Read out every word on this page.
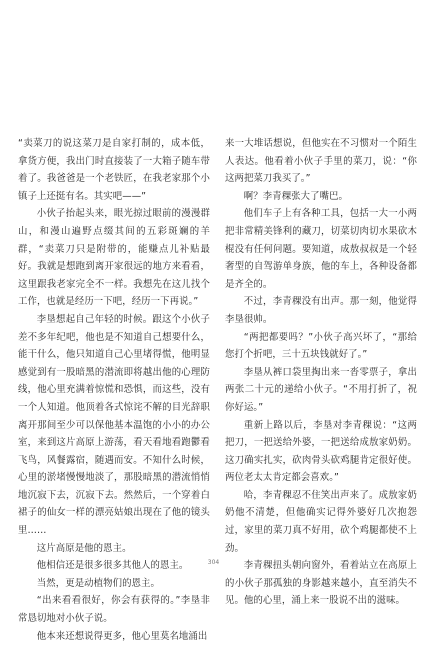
“卖菜刀的说这菜刀是自家打制的，成本低，拿货方便，我出门时直接装了一大箱子随车带着了。我爸爸是一个老铁匠，在我老家那个小镇子上还挺有名。其实吧——”

小伙子抬起头来，眼光掠过眼前的漫漫群山，和漫山遍野点缀其间的五彩斑斓的羊群，“卖菜刀只是附带的，能赚点儿补贴最好。我就是想跑到离开家很远的地方来看看，这里跟我老家完全不一样。我想先在这儿找个工作，也就是经历一下吧，经历一下再说。”

李垦想起自己年轻的时候。跟这个小伙子差不多年纪吧，他也是不知道自己想要什么，能干什么，他只知道自己心里堵得慌，他明显感觉到有一股暗黑的潜流即将越出他的心理防线，他心里充满着惊慌和恐惧，而这些，没有一个人知道。他顶着各式惊诧不解的目光辞职离开那间至少可以保他基本温饱的小小的办公室，来到这片高原上游荡，看天看地看跑鬱看飞鸟，风餐露宿，随遇而安。不知什么时候，心里的淤堵慢慢地淡了，那股暗黑的潜流悄悄地沉寂下去，沉寂下去。然然后，一个穿着白裙子的仙女一样的漂亮姑娘出现在了他的镜头里……

这片高原是他的恩主。

他相信还是很多很多其他人的恩主。

当然，更是动植物们的恩主。

“出来看看很好，你会有获得的。”李垦非常恳切地对小伙子说。

他本来还想说得更多，他心里莫名地涌出

来一大堆话想说，但他实在不习惯对一个陌生人表达。他看着小伙子手里的菜刀，说：“你这两把菜刀我买了。”

啊？李青稞张大了嘴巴。

他们车子上有各种工具，包括一大一小两把非常精美锋利的藏刀，切菜切肉切水果砍木棍没有任何问题。要知道，成敖叔叔是一个轻奢型的自驾游单身族，他的车上，各种设备都是齐全的。

不过，李青稞没有出声。那一刻，他觉得李垦很帅。

“两把都要吗？”小伙子高兴坏了，“那给您打个折吧，三十五块钱就好了。”

李垦从裤口袋里掏出来一沓零票子，拿出两张二十元的递给小伙子。“不用打折了，祝你好运。”

重新上路以后，李垦对李青稞说：“这两把刀，一把送给外婆，一把送给成敖家奶奶。这刀确实扎实，砍肉骨头砍鸡腿肯定很好使。两位老太太肯定都会喜欢。”

哈，李青稞忍不住笑出声来了。成敖家奶奶他不清楚，但他确实记得外婆好几次抱怨过，家里的菜刀真不好用，砍个鸡腿都使不上劲。

李青稞扭头朝向窗外，看着站立在高原上的小伙子那孤独的身影越来越小，直至消失不见。他的心里，涌上来一股说不出的滋味。

304
